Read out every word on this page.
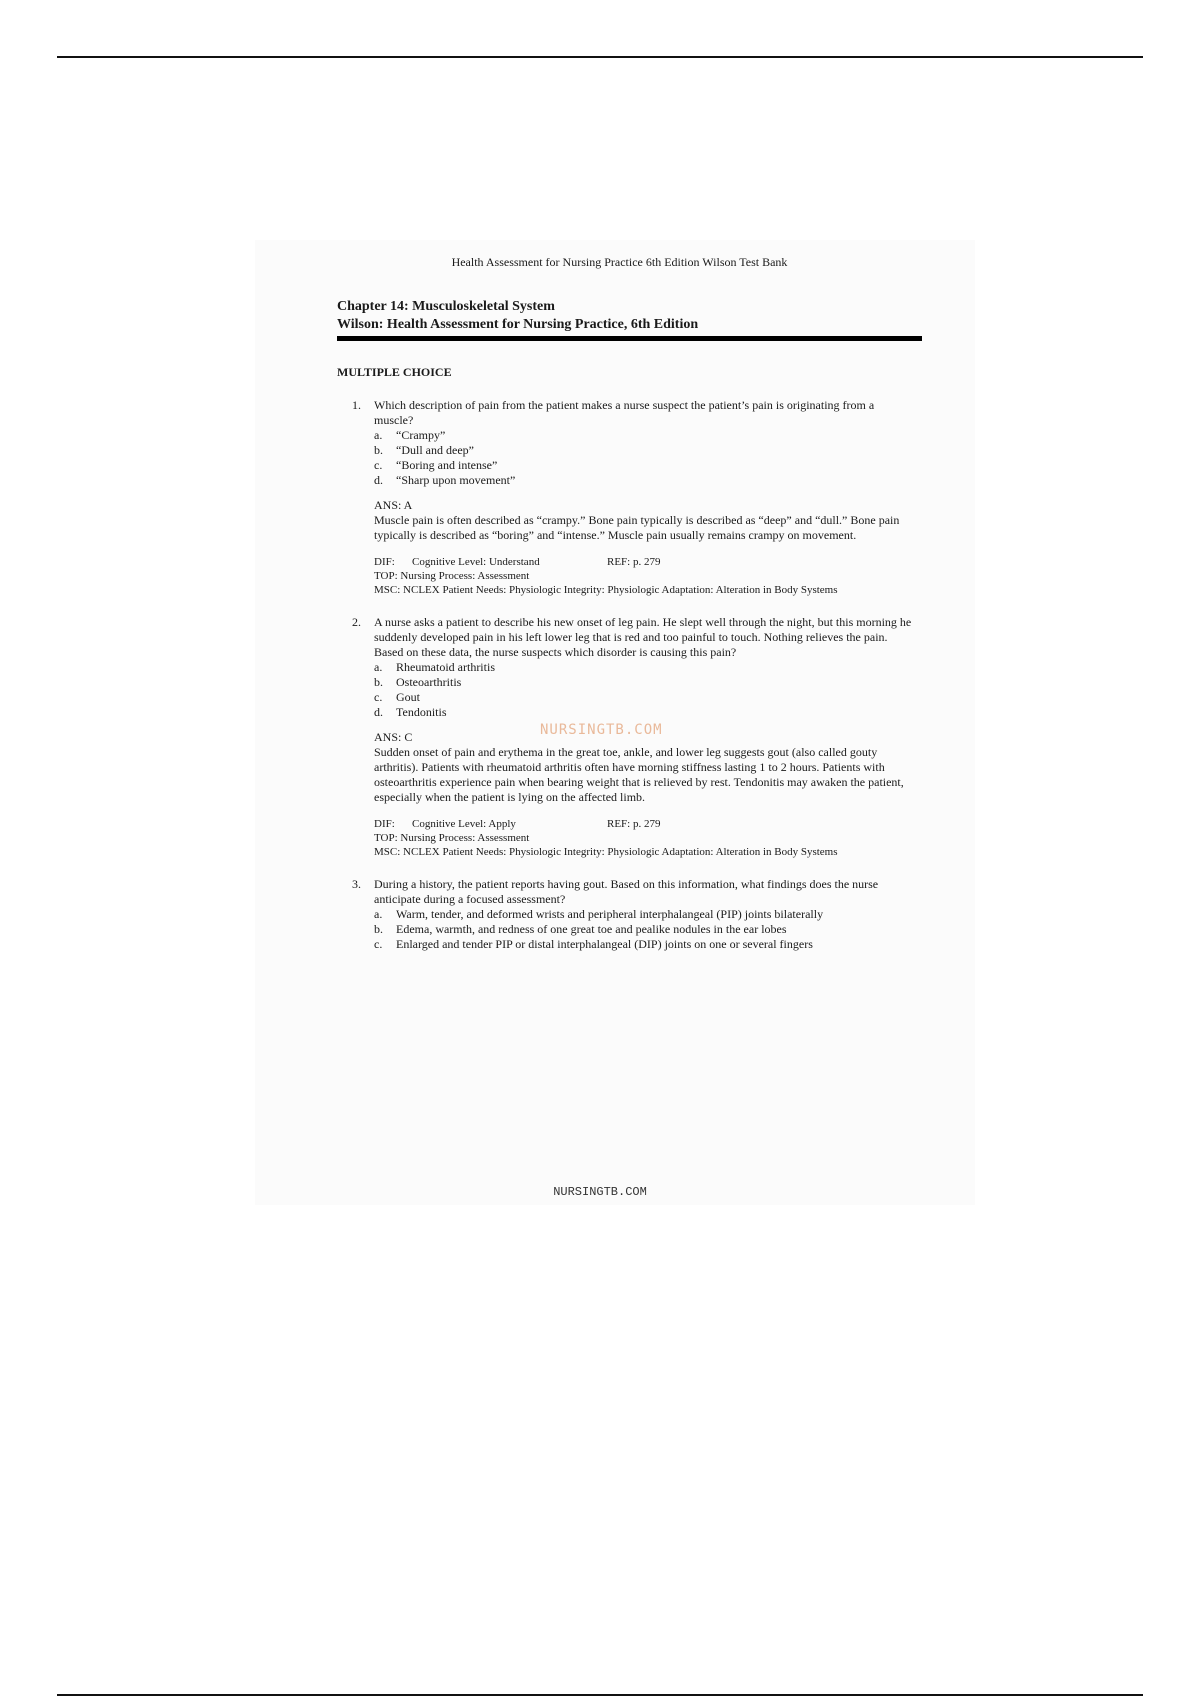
Health Assessment for Nursing Practice 6th Edition Wilson Test Bank
Chapter 14: Musculoskeletal System
Wilson: Health Assessment for Nursing Practice, 6th Edition
MULTIPLE CHOICE
1. Which description of pain from the patient makes a nurse suspect the patient’s pain is originating from a muscle?
a. “Crampy”
b. “Dull and deep”
c. “Boring and intense”
d. “Sharp upon movement”
ANS: A
Muscle pain is often described as “crampy.” Bone pain typically is described as “deep” and “dull.” Bone pain typically is described as “boring” and “intense.” Muscle pain usually remains crampy on movement.
DIF: Cognitive Level: Understand	REF: p. 279
TOP: Nursing Process: Assessment
MSC: NCLEX Patient Needs: Physiologic Integrity: Physiologic Adaptation: Alteration in Body Systems
2. A nurse asks a patient to describe his new onset of leg pain. He slept well through the night, but this morning he suddenly developed pain in his left lower leg that is red and too painful to touch. Nothing relieves the pain. Based on these data, the nurse suspects which disorder is causing this pain?
a. Rheumatoid arthritis
b. Osteoarthritis
c. Gout
d. Tendonitis
ANS: C
Sudden onset of pain and erythema in the great toe, ankle, and lower leg suggests gout (also called gouty arthritis). Patients with rheumatoid arthritis often have morning stiffness lasting 1 to 2 hours. Patients with osteoarthritis experience pain when bearing weight that is relieved by rest. Tendonitis may awaken the patient, especially when the patient is lying on the affected limb.
DIF: Cognitive Level: Apply	REF: p. 279
TOP: Nursing Process: Assessment
MSC: NCLEX Patient Needs: Physiologic Integrity: Physiologic Adaptation: Alteration in Body Systems
3. During a history, the patient reports having gout. Based on this information, what findings does the nurse anticipate during a focused assessment?
a. Warm, tender, and deformed wrists and peripheral interphalangeal (PIP) joints bilaterally
b. Edema, warmth, and redness of one great toe and pealike nodules in the ear lobes
c. Enlarged and tender PIP or distal interphalangeal (DIP) joints on one or several fingers
NURSINGTB.COM
NURSINGTB.COM
